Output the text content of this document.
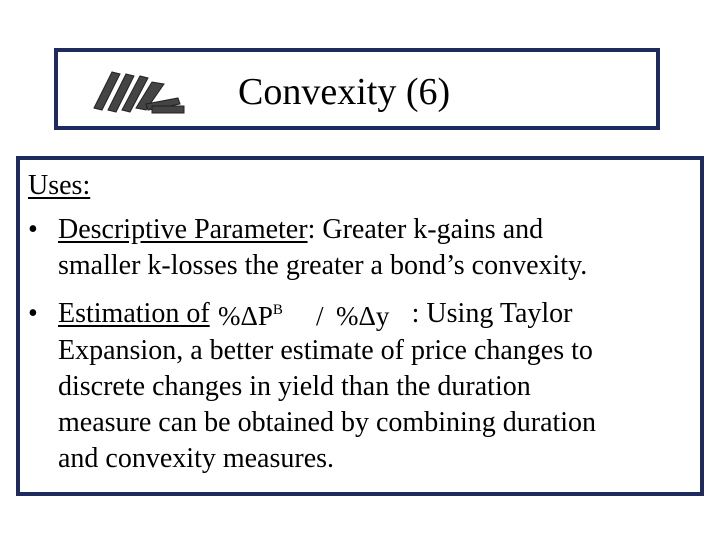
Convexity (6)
Uses:
• Descriptive Parameter: Greater k-gains and
smaller k-losses the greater a bond’s convexity.
• Estimation of $\%\Delta P^B / \%\Delta y$ : Using Taylor
Expansion, a better estimate of price changes to
discrete changes in yield than the duration
measure can be obtained by combining duration
and convexity measures.
